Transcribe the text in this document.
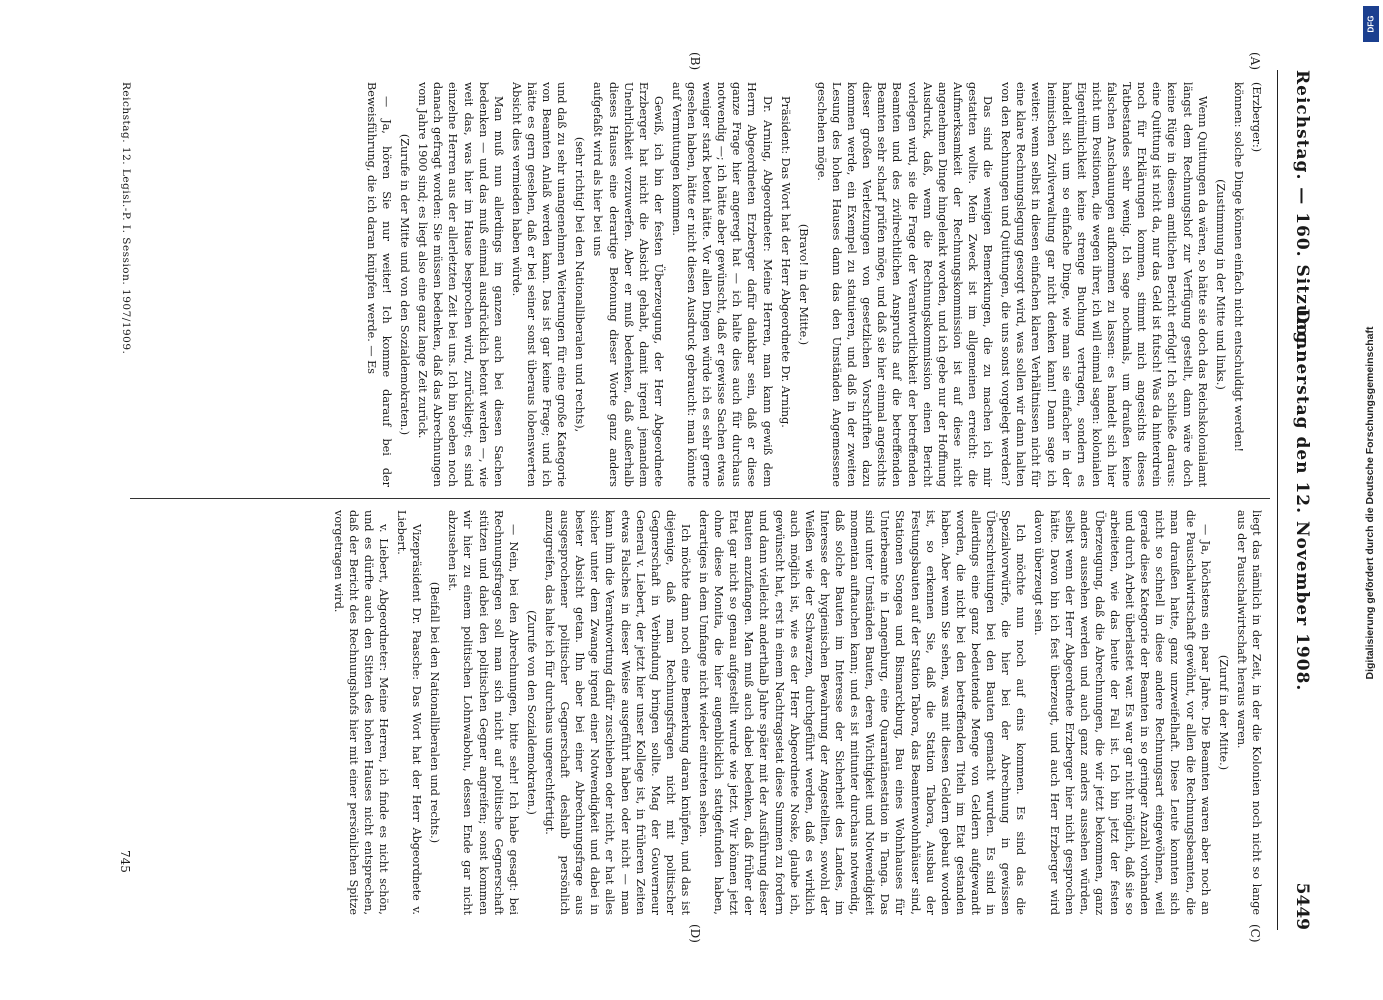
Reichstag. — 160. Sitzung.
Donnerstag den 12. November 1908.
5449
(A)
(B)
(C)
(D)

(Erzberger:)

können: solche Dinge können einfach nicht entschuldigt werden!

(Zustimmung in der Mitte und links.)

Wenn Quittungen da wären, so hätte sie doch das Reichskolonialamt längst dem Rechnungshof zur Verfügung gestellt, dann wäre doch keine Rüge in diesem amtlichen Bericht erfolgt! Ich schließe daraus: eine Quittung ist nicht da, nur das Geld ist futsch! Was da hinterdrein noch für Erklärungen kommen, stimmt mich angesichts dieses Tatbestandes sehr wenig. Ich sage nochmals, um draußen keine falschen Anschauungen aufkommen zu lassen: es handelt sich hier nicht um Positionen, die wegen ihrer, ich will einmal sagen: kolonialen Eigentümlichkeit keine strenge Buchung vertragen, sondern es handelt sich um so einfache Dinge, wie man sie einfacher in der heimischen Zivilverwaltung gar nicht denken kann! Dann sage ich weiter: wenn selbst in diesen einfachen klaren Verhältnissen nicht für eine klare Rechnungslegung gesorgt wird, was sollen wir dann halten von den Rechnungen und Quittungen, die uns sonst vorgelegt werden?

Das sind die wenigen Bemerkungen, die zu machen ich mir gestatten wollte. Mein Zweck ist im allgemeinen erreicht: die Aufmerksamkeit der Rechnungskommission ist auf diese nicht angenehmen Dinge hingelenkt worden, und ich gebe nur der Hoffnung Ausdruck, daß, wenn die Rechnungskommission einen Bericht vorlegen wird, sie die Frage der Verantwortlichkeit der betreffenden Beamten und des zivilrechtlichen Anspruchs auf die betreffenden Beamten sehr scharf prüfen möge, und daß sie hier einmal angesichts dieser großen Verletzungen von gesetzlichen Vorschriften dazu kommen werde, ein Exempel zu statuieren, und daß in der zweiten Lesung des hohen Hauses dann das den Umständen Angemessene geschehen möge.

(Bravo! in der Mitte.)

Präsident: Das Wort hat der Herr Abgeordnete Dr. Arning.

Dr. Arning, Abgeordneter: Meine Herren, man kann gewiß dem Herrn Abgeordneten Erzberger dafür dankbar sein, daß er diese ganze Frage hier angeregt hat — ich halte dies auch für durchaus notwendig —; ich hätte aber gewünscht, daß er gewisse Sachen etwas weniger stark betont hätte. Vor allen Dingen würde ich es sehr gerne gesehen haben, hätte er nicht diesen Ausdruck gebraucht: man könnte auf Vermutungen kommen.

Gewiß, ich bin der festen Überzeugung, der Herr Abgeordnete Erzberger hat nicht die Absicht gehabt, damit irgend jemandem Unehrlichkeit vorzuwerfen. Aber er muß bedenken, daß außerhalb dieses Hauses eine derartige Betonung dieser Worte ganz anders aufgefaßt wird als hier bei uns

(sehr richtig! bei den Nationalliberalen und rechts),

und daß zu sehr unangenehmen Weiterungen für eine große Kategorie von Beamten Anlaß werden kann. Das ist gar keine Frage; und ich hätte es gern gesehen, daß er bei seiner sonst überaus lobenswerten Absicht dies vermieden haben würde.

Man muß nun allerdings im ganzen auch bei diesen Sachen bedenken — und das muß einmal ausdrücklich betont werden —, wie weit das, was hier im Hause besprochen wird, zurückliegt; es sind einzelne Herren aus der allerletzten Zeit bei uns. Ich bin soeben noch danach gefragt worden: Sie müssen bedenken, daß das Abrechnungen vom Jahre 1900 sind; es liegt also eine ganz lange Zeit zurück.

(Zurufe in der Mitte und von den Sozialdemokraten.)

— Ja, hören Sie nur weiter! Ich komme darauf bei der Beweisführung, die ich daran knüpfen werde. — Es

liegt das nämlich in der Zeit, in der die Kolonien noch nicht so lange aus der Pauschalwirtschaft heraus waren.

(Zuruf in der Mitte.)

— Ja, höchstens ein paar Jahre. Die Beamten waren aber noch an die Pauschalwirtschaft gewöhnt, vor allen die Rechnungsbeamten, die man draußen hatte, ganz unzweifelhaft. Diese Leute konnten sich nicht so schnell in diese andere Rechnungsart eingewöhnen, weil gerade diese Kategorie der Beamten in so geringer Anzahl vorhanden und durch Arbeit überlastet war. Es war gar nicht möglich, daß sie so arbeiteten, wie das heute der Fall ist. Ich bin jetzt der festen Überzeugung, daß die Abrechnungen, die wir jetzt bekommen, ganz anders aussehen werden und auch ganz anders aussehen würden, selbst wenn der Herr Abgeordnete Erzberger hier nicht gesprochen hätte. Davon bin ich fest überzeugt, und auch Herr Erzberger wird davon überzeugt sein.

Ich möchte nun noch auf eins kommen. Es sind das die Spezialvorwürfe, die hier bei der Abrechnung in gewissen Überschreitungen bei den Bauten gemacht wurden. Es sind in allerdings eine ganz bedeutende Menge von Geldern aufgewandt worden, die nicht bei den betreffenden Titeln im Etat gestanden haben. Aber wenn Sie sehen, was mit diesen Geldern gebaut worden ist, so erkennen Sie, daß die Station Tabora, Ausbau der Festungsbauten auf der Station Tabora, das Beamtenwohnhäuser sind, Stationen Songea und Bismarckburg, Bau eines Wohnhauses für Unterbeamte in Langenburg, eine Quarantänestation in Tanga. Das sind unter Umständen Bauten, deren Wichtigkeit und Notwendigkeit momentan auftauchen kann; und es ist mitunter durchaus notwendig, daß solche Bauten im Interesse der Sicherheit des Landes, im Interesse der hygienischen Bewahrung der Angestellten, sowohl der Weißen wie der Schwarzen, durchgeführt werden, daß es wirklich auch möglich ist, wie es der Herr Abgeordnete Noske, glaube ich, gewünscht hat, erst in einem Nachtragsetat diese Summen zu fordern und dann vielleicht anderthalb Jahre später mit der Ausführung dieser Bauten anzufangen. Man muß auch dabei bedenken, daß früher der Etat gar nicht so genau aufgestellt wurde wie jetzt. Wir können jetzt ohne diese Monita, die hier augenblicklich stattgefunden haben, derartiges in dem Umfange nicht wieder eintreten sehen.

Ich möchte dann noch eine Bemerkung daran knüpfen, und das ist diejenige, daß man Rechnungsfragen nicht mit politischer Gegnerschaft in Verbindung bringen sollte. Mag der Gouverneur General v. Liebert, der jetzt hier unser Kollege ist, in früheren Zeiten etwas Falsches in dieser Weise ausgeführt haben oder nicht — man kann ihm die Verantwortung dafür zuschieben oder nicht, er hat alles sicher unter dem Zwange irgend einer Notwendigkeit und dabei in bester Absicht getan. Ihn aber bei einer Abrechnungsfrage aus ausgesprochener politischer Gegnerschaft deshalb persönlich anzugreifen, das halte ich für durchaus ungerechtfertigt.

(Zurufe von den Sozialdemokraten.)

— Nein, bei den Abrechnungen, bitte sehr! Ich habe gesagt: bei Rechnungsfragen soll man sich nicht auf politische Gegnerschaft stützen und dabei den politischen Gegner angreifen; sonst kommen wir hier zu einem politischen Lohnwabohu, dessen Ende gar nicht abzusehen ist.

(Beifall bei den Nationalliberalen und rechts.)

Vizepräsident Dr. Paasche: Das Wort hat der Herr Abgeordnete v. Liebert.

v. Liebert, Abgeordneter: Meine Herren, ich finde es nicht schön, und es dürfte auch den Sitten des hohen Hauses nicht entsprechen, daß der Bericht des Rechnungshofs hier mit einer persönlichen Spitze vorgetragen wird.

Reichstag. 12. Legisl.-P. I. Session. 1907/1909.
745
Digitalisierung gefördert durch die Deutsche Forschungsgemeinschaft
DFG
